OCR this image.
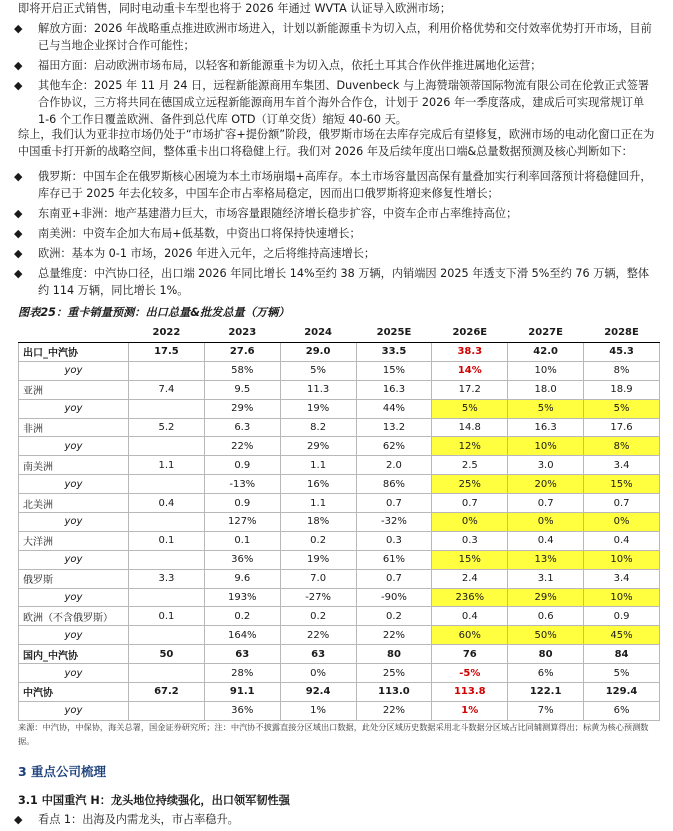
即将开启正式销售，同时电动重卡车型也将于 2026 年通过 WVTA 认证导入欧洲市场；
◆ 解放方面：2026 年战略重点推进欧洲市场进入，计划以新能源重卡为切入点，利用价格优势和交付效率优势打开市场，目前已与当地企业探讨合作可能性；
◆ 福田方面：启动欧洲市场布局，以轻客和新能源重卡为切入点，依托土耳其合作伙伴推进属地化运营；
◆ 其他车企：2025 年 11 月 24 日，远程新能源商用车集团、Duvenbeck 与上海赞瑞领蒂国际物流有限公司在伦敦正式签署合作协议，三方将共同在德国成立远程新能源商用车首个海外合作仓，计划于 2026 年一季度落成，建成后可实现常规订单 1-6 个工作日覆盖欧洲、备件到总代库 OTD（订单交货）缩短 40-60 天。
综上，我们认为亚非拉市场仍处于“市场扩容+提份额”阶段，俄罗斯市场在去库存完成后有望修复，欧洲市场的电动化窗口正在为中国重卡打开新的战略空间，整体重卡出口将稳健上行。我们对 2026 年及后续年度出口端&总量数据预测及核心判断如下：
◆ 俄罗斯：中国车企在俄罗斯核心困境为本土市场崩塌+高库存。本土市场容量因高保有量叠加实行利率回落预计将稳健回升，库存已于 2025 年去化较多，中国车企市占率格局稳定，因而出口俄罗斯将迎来修复性增长；
◆ 东南亚+非洲：地产基建潜力巨大，市场容量跟随经济增长稳步扩容，中资车企市占率维持高位；
◆ 南美洲：中资车企加大布局+低基数，中资出口将保持快速增长；
◆ 欧洲：基本为 0-1 市场，2026 年进入元年，之后将维持高速增长；
◆ 总量维度：中汽协口径，出口端 2026 年同比增长 14%至约 38 万辆，内销端因 2025 年透支下滑 5%至约 76 万辆，整体约 114 万辆，同比增长 1%。
图表25：重卡销量预测：出口总量&批发总量（万辆）
	2022	2023	2024	2025E	2026E	2027E	2028E
出口_中汽协	17.5	27.6	29.0	33.5	38.3	42.0	45.3
yoy		58%	5%	15%	14%	10%	8%
亚洲	7.4	9.5	11.3	16.3	17.2	18.0	18.9
yoy		29%	19%	44%	5%	5%	5%
非洲	5.2	6.3	8.2	13.2	14.8	16.3	17.6
yoy		22%	29%	62%	12%	10%	8%
南美洲	1.1	0.9	1.1	2.0	2.5	3.0	3.4
yoy		-13%	16%	86%	25%	20%	15%
北美洲	0.4	0.9	1.1	0.7	0.7	0.7	0.7
yoy		127%	18%	-32%	0%	0%	0%
大洋洲	0.1	0.1	0.2	0.3	0.3	0.4	0.4
yoy		36%	19%	61%	15%	13%	10%
俄罗斯	3.3	9.6	7.0	0.7	2.4	3.1	3.4
yoy		193%	-27%	-90%	236%	29%	10%
欧洲（不含俄罗斯）	0.1	0.2	0.2	0.2	0.4	0.6	0.9
yoy		164%	22%	22%	60%	50%	45%
国内_中汽协	50	63	63	80	76	80	84
yoy		28%	0%	25%	-5%	6%	5%
中汽协	67.2	91.1	92.4	113.0	113.8	122.1	129.4
yoy		36%	1%	22%	1%	7%	6%
来源：中汽协，中保协，海关总署，国金证券研究所；注：中汽协不披露直接分区域出口数据，此处分区域历史数据采用北斗数据分区域占比同辅测算得出；标黄为核心预测数据。
3 重点公司梳理
3.1 中国重汽 H：龙头地位持续强化，出口领军韧性强
◆ 看点 1：出海及内需龙头，市占率稳升。
